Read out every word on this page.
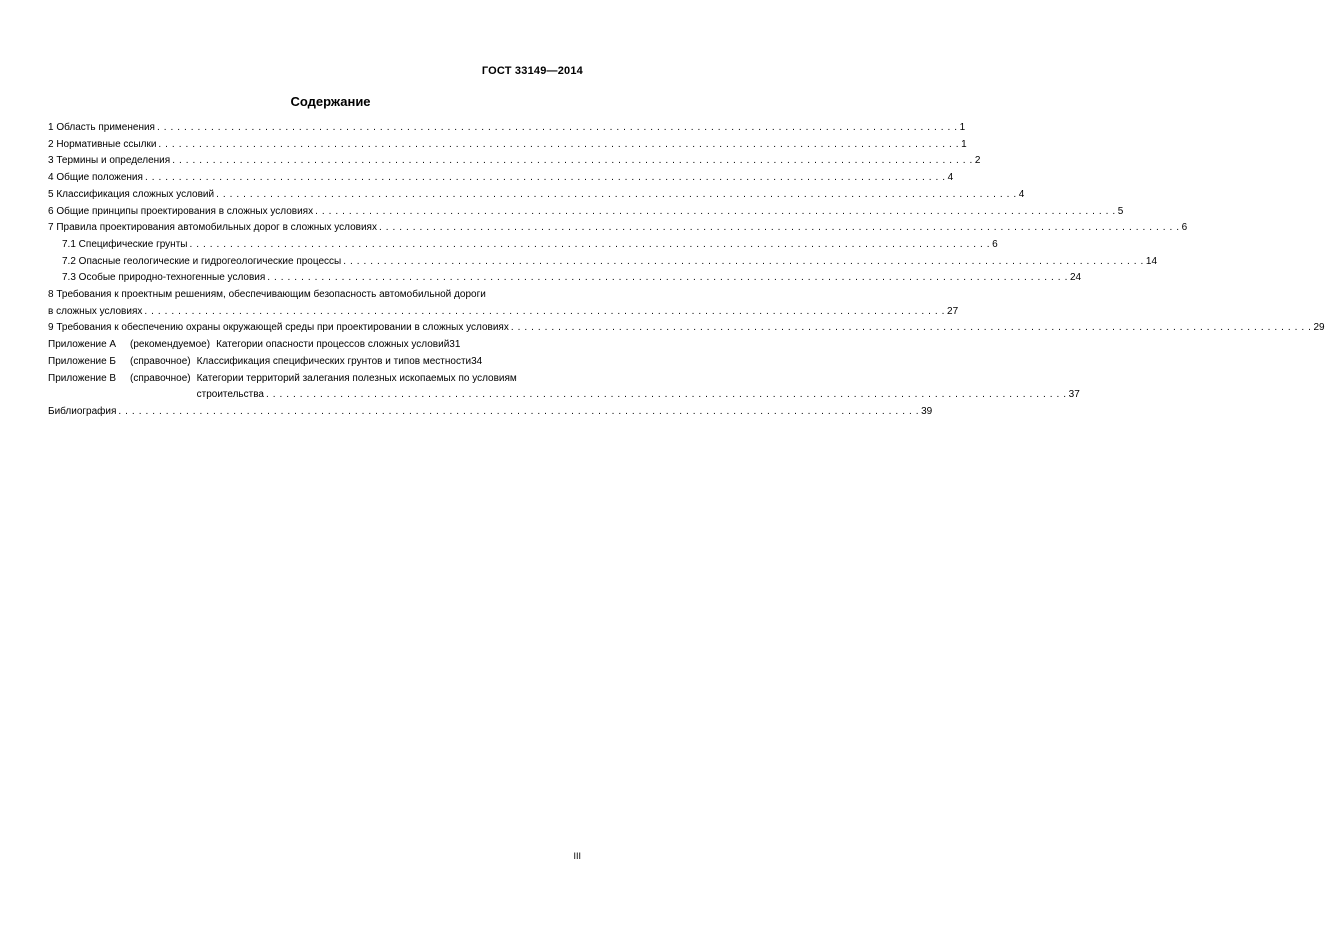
ГОСТ 33149—2014
Содержание
1 Область применения . . .	1
2 Нормативные ссылки . . .	1
3 Термины и определения . . .	2
4 Общие положения . . .	4
5 Классификация сложных условий . . .	4
6 Общие принципы проектирования в сложных условиях . . .	5
7 Правила проектирования автомобильных дорог в сложных условиях . . .	6
7.1 Специфические грунты . . .	6
7.2 Опасные геологические и гидрогеологические процессы . . .	14
7.3 Особые природно-техногенные условия . . .	24
8 Требования к проектным решениям, обеспечивающим безопасность автомобильной дороги
в сложных условиях . . .	27
9 Требования к обеспечению охраны окружающей среды при проектировании в сложных условиях . . .	29
Приложение А	(рекомендуемое) Категории опасности процессов сложных условий 31
Приложение Б	(справочное) Классификация специфических грунтов и типов местности 34
Приложение В	(справочное) Категории территорий залегания полезных ископаемых по условиям
строительства . . .	37
Библиография . . .	39
III
